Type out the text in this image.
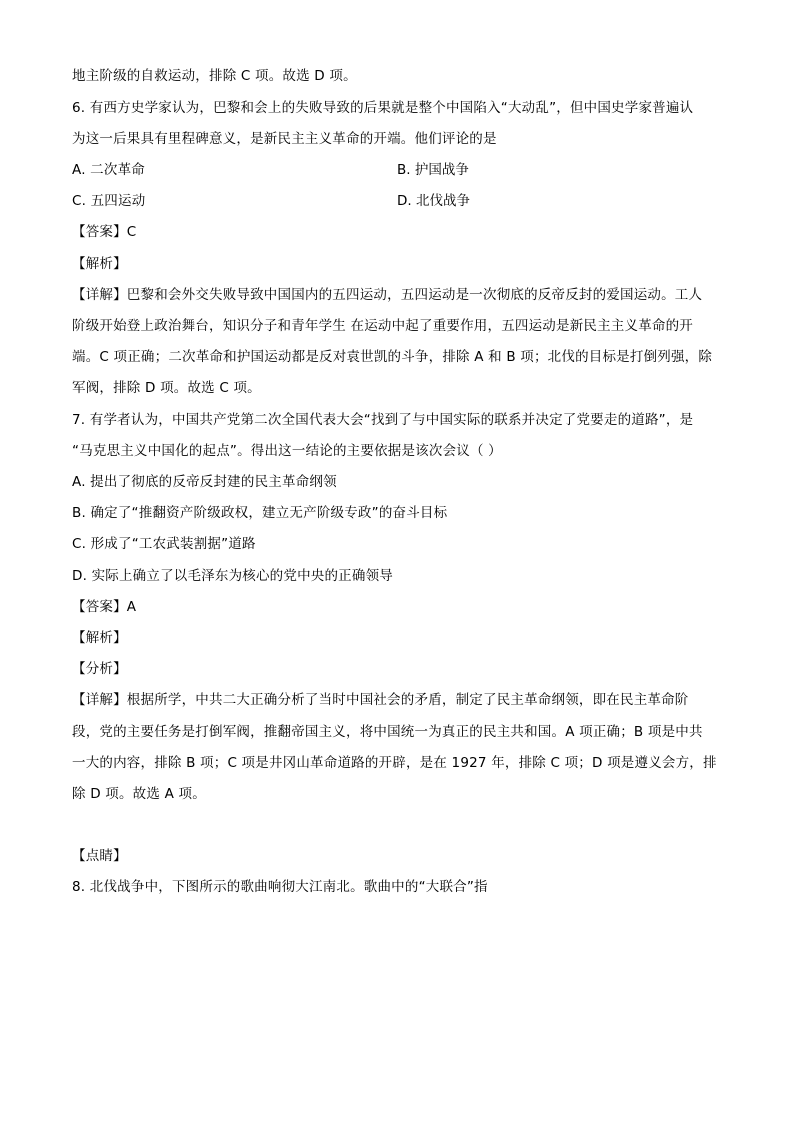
地主阶级的自救运动，排除 C 项。故选 D 项。
6. 有西方史学家认为，巴黎和会上的失败导致的后果就是整个中国陷入“大动乱”，但中国史学家普遍认
为这一后果具有里程碑意义，是新民主主义革命的开端。他们评论的是
A. 二次革命	B. 护国战争
C. 五四运动	D. 北伐战争
【答案】C
【解析】
【详解】巴黎和会外交失败导致中国国内的五四运动，五四运动是一次彻底的反帝反封的爱国运动。工人
阶级开始登上政治舞台，知识分子和青年学生 在运动中起了重要作用，五四运动是新民主主义革命的开
端。C 项正确；二次革命和护国运动都是反对袁世凯的斗争，排除 A 和 B 项；北伐的目标是打倒列强，除
军阀，排除 D 项。故选 C 项。
7. 有学者认为，中国共产党第二次全国代表大会“找到了与中国实际的联系并决定了党要走的道路”，是
“马克思主义中国化的起点”。得出这一结论的主要依据是该次会议（ ）
A. 提出了彻底的反帝反封建的民主革命纲领
B. 确定了“推翻资产阶级政权，建立无产阶级专政”的奋斗目标
C. 形成了“工农武装割据”道路
D. 实际上确立了以毛泽东为核心的党中央的正确领导
【答案】A
【解析】
【分析】
【详解】根据所学，中共二大正确分析了当时中国社会的矛盾，制定了民主革命纲领，即在民主革命阶
段，党的主要任务是打倒军阀，推翻帝国主义，将中国统一为真正的民主共和国。A 项正确；B 项是中共
一大的内容，排除 B 项；C 项是井冈山革命道路的开辟，是在 1927 年，排除 C 项；D 项是遵义会方，排
除 D 项。故选 A 项。
【点睛】
8. 北伐战争中，下图所示的歌曲响彻大江南北。歌曲中的“大联合”指
